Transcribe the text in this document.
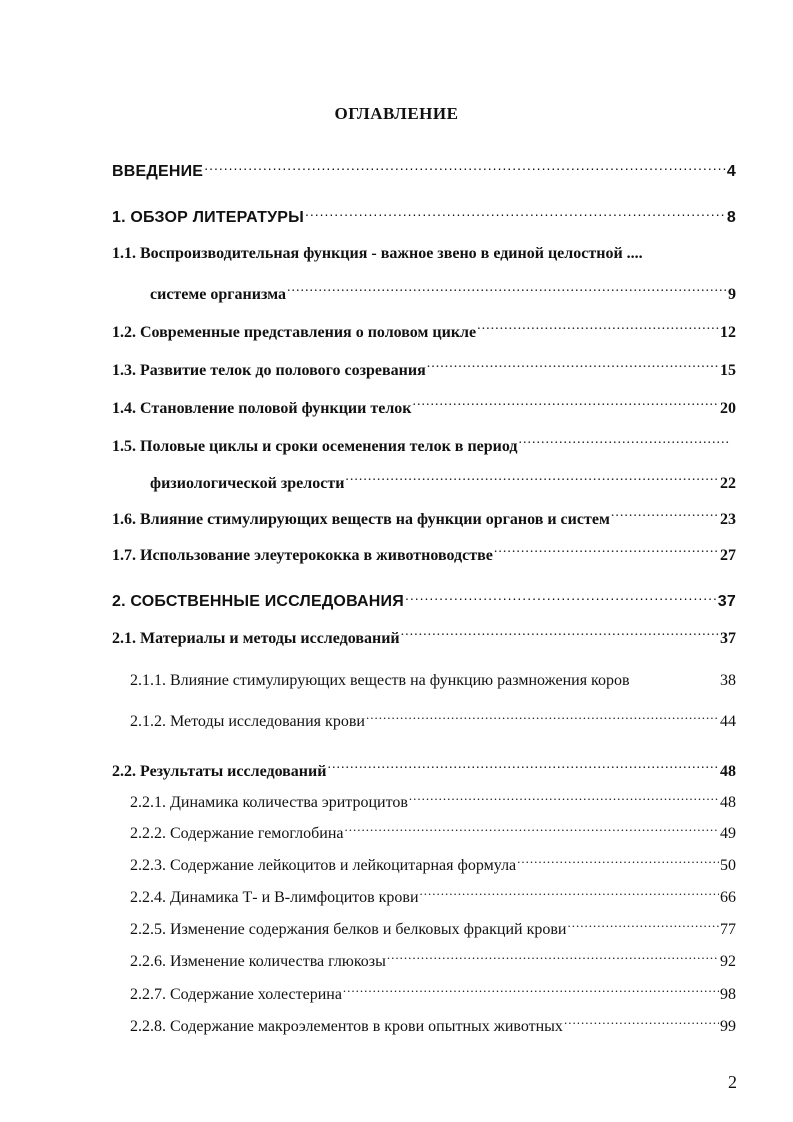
ОГЛАВЛЕНИЕ
ВВЕДЕНИЕ .....	4
1. ОБЗОР ЛИТЕРАТУРЫ .....	8
1.1. Воспроизводительная функция - важное звено в единой целостной ....
системе организма .....	9
1.2. Современные представления о половом цикле .....	12
1.3. Развитие телок до полового созревания .....	15
1.4. Становление половой функции телок .....	20
1.5. Половые циклы и сроки осеменения телок в период
.....
физиологической зрелости .....	22
1.6. Влияние стимулирующих веществ на функции органов и систем .....	23
1.7. Использование элеутерококка в животноводстве .....	27
2. СОБСТВЕННЫЕ ИССЛЕДОВАНИЯ .....	37
2.1. Материалы и методы исследований .....	37
2.1.1. Влияние стимулирующих веществ на функцию размножения коров	38
2.1.2. Методы исследования крови .....	44
2.2. Результаты исследований .....	48
2.2.1. Динамика количества эритроцитов .....	48
2.2.2. Содержание гемоглобина .....	49
2.2.3. Содержание лейкоцитов и лейкоцитарная формула .....	50
2.2.4. Динамика Т- и В-лимфоцитов крови .....	66
2.2.5. Изменение содержания белков и белковых фракций крови .....	77
2.2.6. Изменение количества глюкозы .....	92
2.2.7. Содержание холестерина .....	98
2.2.8. Содержание макроэлементов в крови опытных животных .....	99
2
